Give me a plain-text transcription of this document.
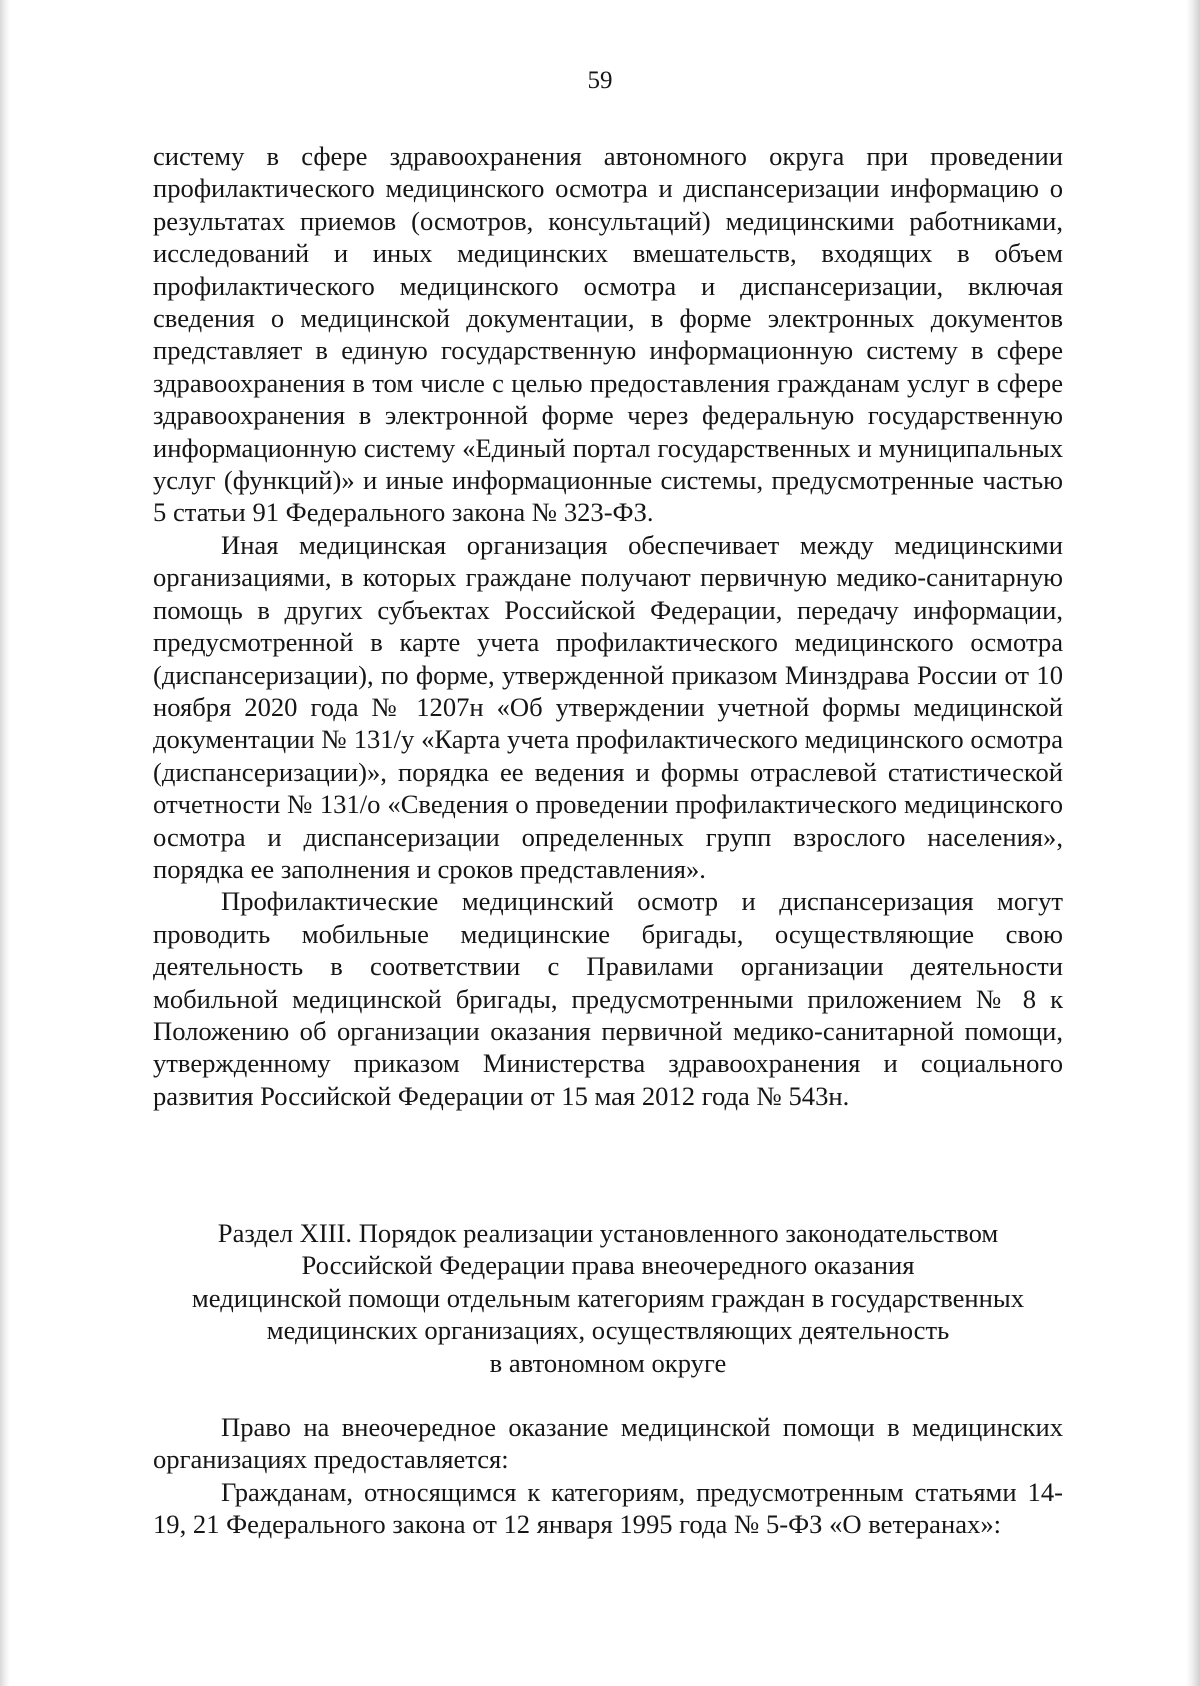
59

систему в сфере здравоохранения автономного округа при проведении профилактического медицинского осмотра и диспансеризации информацию о результатах приемов (осмотров, консультаций) медицинскими работниками, исследований и иных медицинских вмешательств, входящих в объем профилактического медицинского осмотра и диспансеризации, включая сведения о медицинской документации, в форме электронных документов представляет в единую государственную информационную систему в сфере здравоохранения в том числе с целью предоставления гражданам услуг в сфере здравоохранения в электронной форме через федеральную государственную информационную систему «Единый портал государственных и муниципальных услуг (функций)» и иные информационные системы, предусмотренные частью 5 статьи 91 Федерального закона № 323-ФЗ.

Иная медицинская организация обеспечивает между медицинскими организациями, в которых граждане получают первичную медико-санитарную помощь в других субъектах Российской Федерации, передачу информации, предусмотренной в карте учета профилактического медицинского осмотра (диспансеризации), по форме, утвержденной приказом Минздрава России от 10 ноября 2020 года № 1207н «Об утверждении учетной формы медицинской документации № 131/у «Карта учета профилактического медицинского осмотра (диспансеризации)», порядка ее ведения и формы отраслевой статистической отчетности № 131/о «Сведения о проведении профилактического медицинского осмотра и диспансеризации определенных групп взрослого населения», порядка ее заполнения и сроков представления».

Профилактические медицинский осмотр и диспансеризация могут проводить мобильные медицинские бригады, осуществляющие свою деятельность в соответствии с Правилами организации деятельности мобильной медицинской бригады, предусмотренными приложением № 8 к Положению об организации оказания первичной медико-санитарной помощи, утвержденному приказом Министерства здравоохранения и социального развития Российской Федерации от 15 мая 2012 года № 543н.

Раздел XIII. Порядок реализации установленного законодательством
Российской Федерации права внеочередного оказания
медицинской помощи отдельным категориям граждан в государственных
медицинских организациях, осуществляющих деятельность
в автономном округе

Право на внеочередное оказание медицинской помощи в медицинских организациях предоставляется:

Гражданам, относящимся к категориям, предусмотренным статьями 14-19, 21 Федерального закона от 12 января 1995 года № 5-ФЗ «О ветеранах»:
